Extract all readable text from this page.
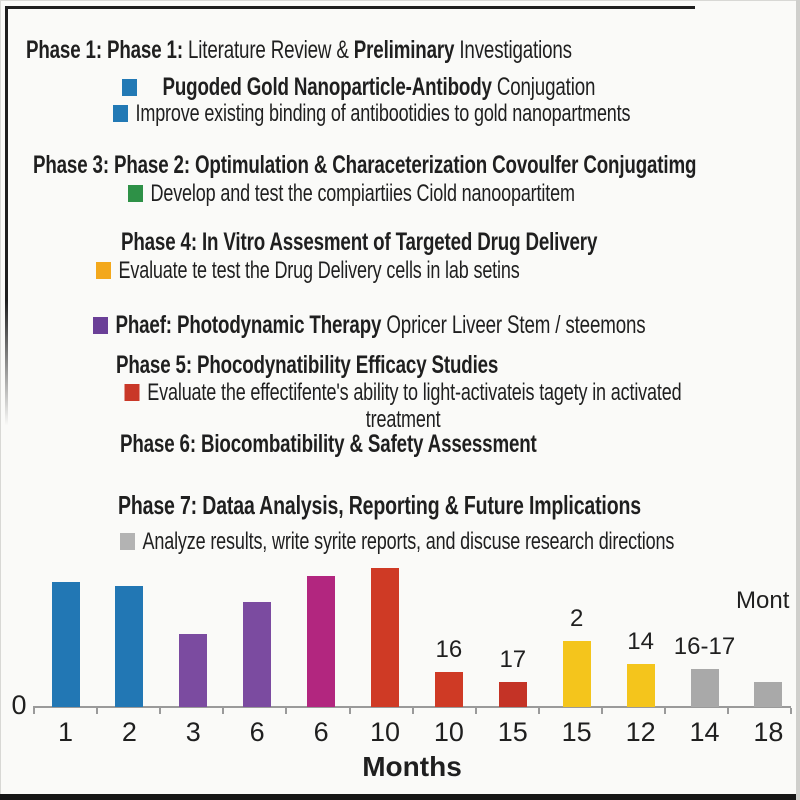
Phase 1: Phase 1: Literature Review & Preliminary Investigations
Pugoded Gold Nanoparticle-Antibody Conjugation
Improve existing binding of antibootidies to gold nanopartments
Phase 3: Phase 2: Optimulation & Characeterization Covoulfer Conjugatimg
Develop and test the compiartiies Ciold nanoopartitem
Phase 4: In Vitro Assesment of Targeted Drug Delivery
Evaluate te test the Drug Delivery cells in lab setins
Phaef: Photodynamic Therapy Opricer Liveer Stem / steemons
Phase 5: Phocodynatibility Efficacy Studies
Evaluate the effectifente's ability to light-activateis tagety in activated treatment
Phase 6: Biocombatibility & Safety Assessment
Phase 7: Dataa Analysis, Reporting & Future Implications
Analyze results, write syrite reports, and discuse research directions
0
Months
Mont
1	2	3	6	6	10
16
10
17
15
2
15
14
12
16-17
14	18
